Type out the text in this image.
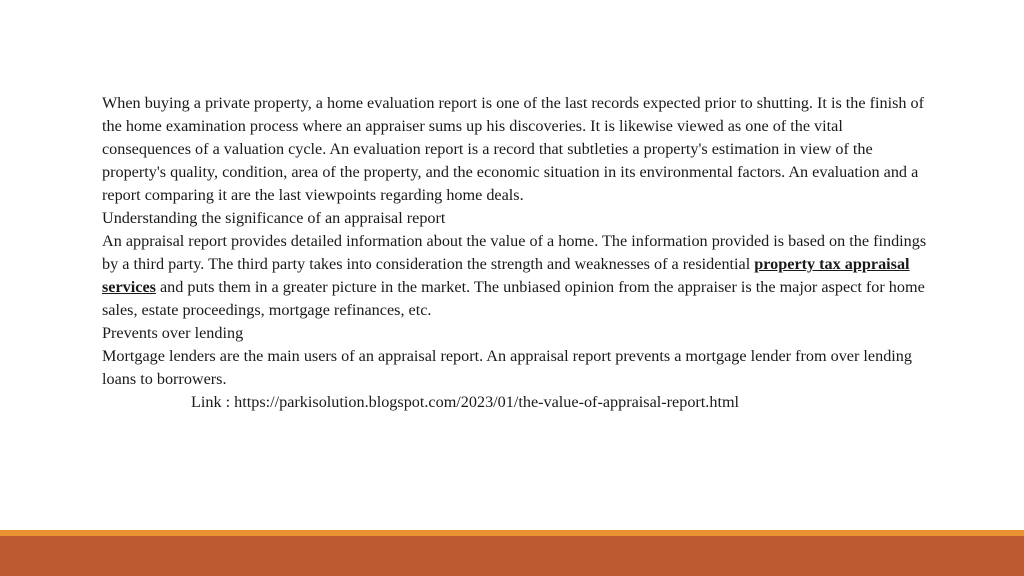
When buying a private property, a home evaluation report is one of the last records expected prior to shutting. It is the finish of the home examination process where an appraiser sums up his discoveries. It is likewise viewed as one of the vital consequences of a valuation cycle. An evaluation report is a record that subtleties a property's estimation in view of the property's quality, condition, area of the property, and the economic situation in its environmental factors. An evaluation and a report comparing it are the last viewpoints regarding home deals.

Understanding the significance of an appraisal report

An appraisal report provides detailed information about the value of a home. The information provided is based on the findings by a third party. The third party takes into consideration the strength and weaknesses of a residential property tax appraisal services and puts them in a greater picture in the market. The unbiased opinion from the appraiser is the major aspect for home sales, estate proceedings, mortgage refinances, etc.

Prevents over lending

Mortgage lenders are the main users of an appraisal report. An appraisal report prevents a mortgage lender from over lending loans to borrowers.

Link : https://parkisolution.blogspot.com/2023/01/the-value-of-appraisal-report.html
